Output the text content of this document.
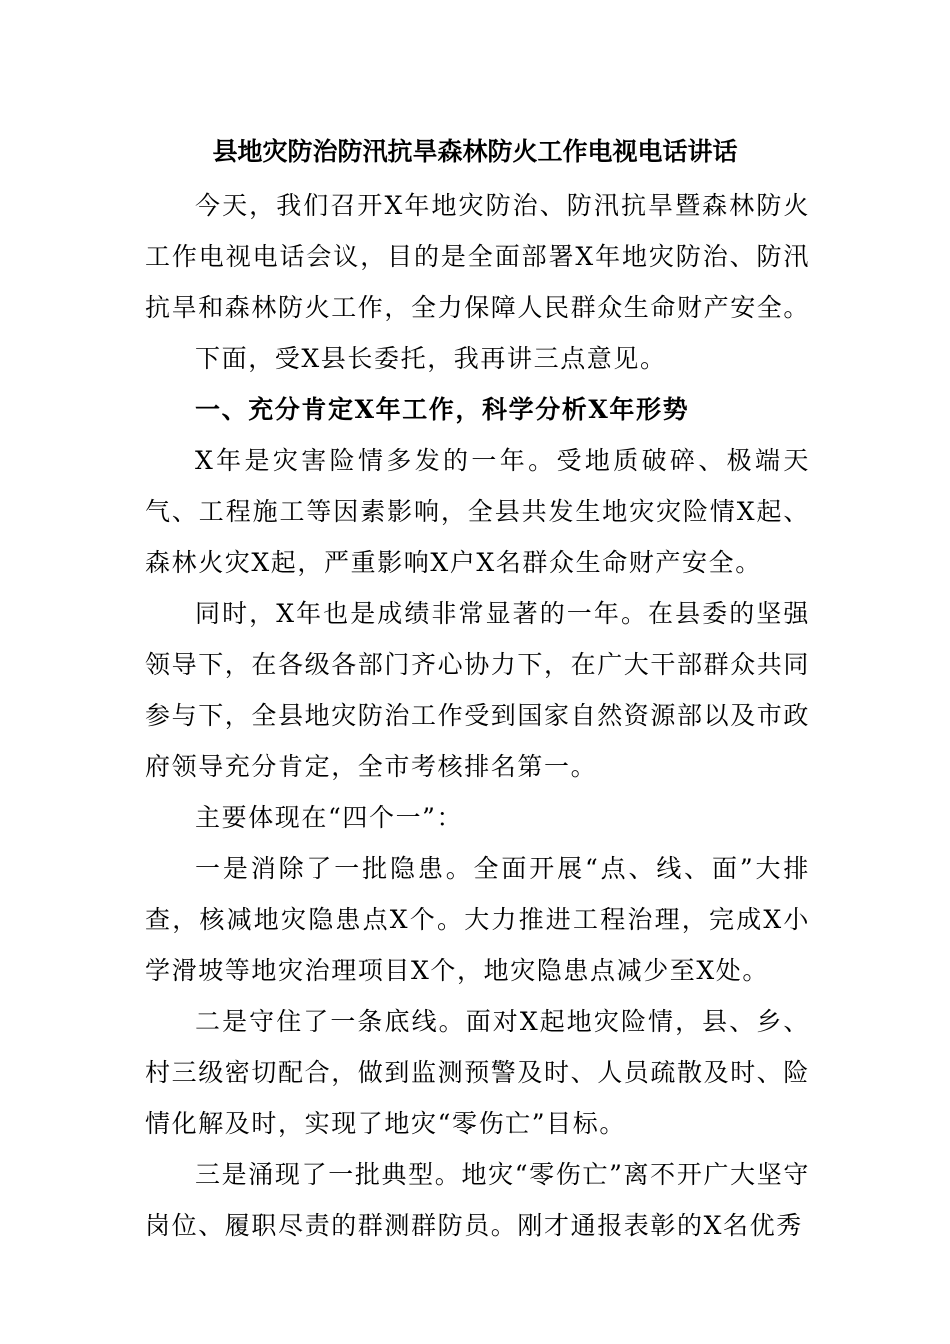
县地灾防治防汛抗旱森林防火工作电视电话讲话

今天，我们召开X年地灾防治、防汛抗旱暨森林防火工作电视电话会议，目的是全面部署X年地灾防治、防汛抗旱和森林防火工作，全力保障人民群众生命财产安全。

下面，受X县长委托，我再讲三点意见。

一、充分肯定X年工作，科学分析X年形势

X年是灾害险情多发的一年。受地质破碎、极端天气、工程施工等因素影响，全县共发生地灾灾险情X起、森林火灾X起，严重影响X户X名群众生命财产安全。

同时，X年也是成绩非常显著的一年。在县委的坚强领导下，在各级各部门齐心协力下，在广大干部群众共同参与下，全县地灾防治工作受到国家自然资源部以及市政府领导充分肯定，全市考核排名第一。

主要体现在“四个一”：

一是消除了一批隐患。全面开展“点、线、面”大排查，核减地灾隐患点X个。大力推进工程治理，完成X小学滑坡等地灾治理项目X个，地灾隐患点减少至X处。

二是守住了一条底线。面对X起地灾险情，县、乡、村三级密切配合，做到监测预警及时、人员疏散及时、险情化解及时，实现了地灾“零伤亡”目标。

三是涌现了一批典型。地灾“零伤亡”离不开广大坚守岗位、履职尽责的群测群防员。刚才通报表彰的X名优秀
